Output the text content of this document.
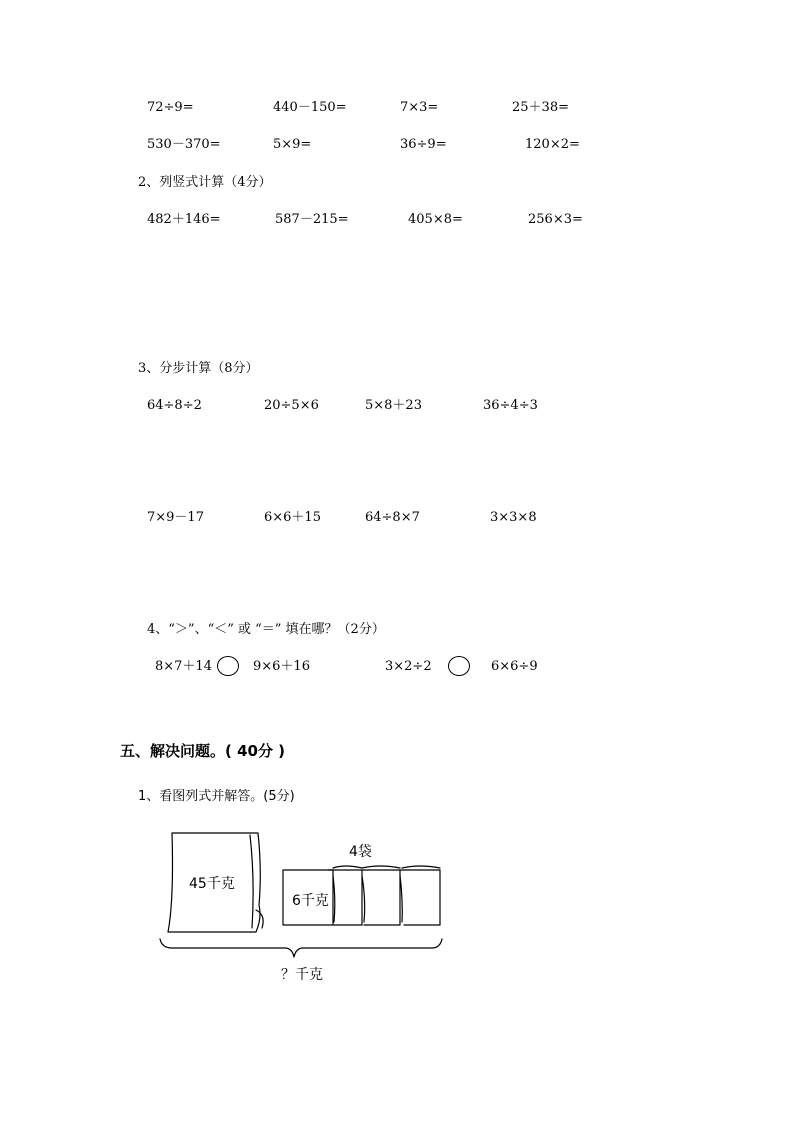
72÷9=	440－150=	7×3=	25＋38=
530－370=	5×9=	36÷9=	120×2=
2、列竖式计算（4分）
482＋146=	587－215=	405×8=	256×3=
3、分步计算（8分）
64÷8÷2	20÷5×6	5×8＋23	36÷4÷3
7×9－17	6×6＋15	64÷8×7	3×3×8
4、“＞”、“＜” 或 “＝” 填在哪？（2分）
8×7＋14	9×6＋16	3×2÷2	6×6÷9
五、解决问题。( 40分 )
1、看图列式并解答。(5分)
45千克
4袋
6千克
？千克
